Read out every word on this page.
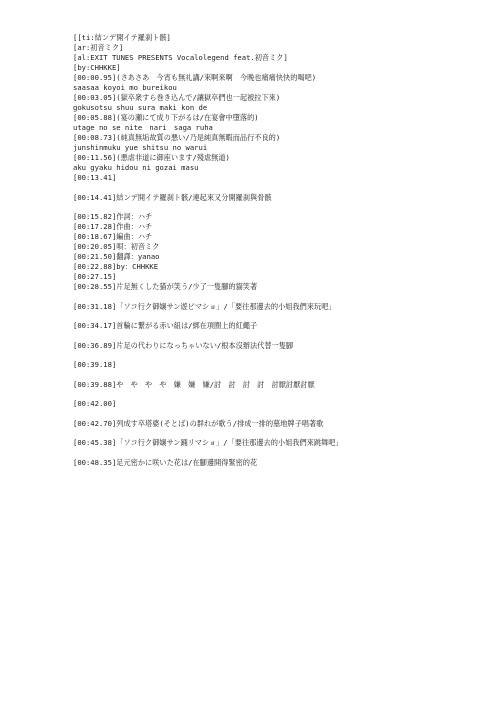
[[ti:結ンデ開イテ羅刹ト骸]
[ar:初音ミク]
[al:EXIT TUNES PRESENTS Vocalolegend feat.初音ミク]
[by:CHHKKE]
[00:00.95](さあさあ　今宵も無礼講/來啊來啊　今晚也痛痛快快的喝吧)
saasaa koyoi mo bureikou
[00:03.05](獄卒衆すら巻き込んで/讓獄卒們也一起被拉下來)
gokusotsu shuu sura maki kon de
[00:05.88](宴の瀬にて成り下がるは/在宴會中墮落的)
utage no se nite　nari　saga ruha
[00:08.73](純真無垢故質の悪い/乃是純真無暇而品行不良的)
junshinmuku yue shitsu no warui
[00:11.56](悪虐非道に御座います/殘虐無道)
aku gyaku hidou ni gozai masu
[00:13.41]
[00:14.41]結ンデ開イテ羅刹ト骸/連起來又分開羅刹與骨骸
[00:15.82]作詞：ハチ
[00:17.28]作曲：ハチ
[00:18.67]編曲：ハチ
[00:20.05]唄：初音ミク
[00:21.50]翻譯：yanao
[00:22.88]by：CHHKKE
[00:27.15]
[00:28.55]片足無くした猫が笑う/少了一隻腳的貓笑著
[00:31.18]「ソコ行ク御嬢サン遊ビマショ」/「要往那邊去的小姐我們來玩吧」
[00:34.17]首輪に繋がる赤い紐は/綁在項圈上的紅繩子
[00:36.89]片足の代わりになっちゃいない/根本沒辦法代替一隻腳
[00:39.18]
[00:39.88]や　や　や　や　嫌　嫌　嫌/討　討　討　討　討厭討厭討厭
[00:42.00]
[00:42.70]列成す卒塔婆(そとば)の群れが歌う/排成一排的墓地牌子唱著歌
[00:45.38]「ソコ行ク御嬢サン踊リマショ」/「要往那邊去的小姐我們來跳舞吧」
[00:48.35]足元密かに咲いた花は/在腳邊開得緊密的花
